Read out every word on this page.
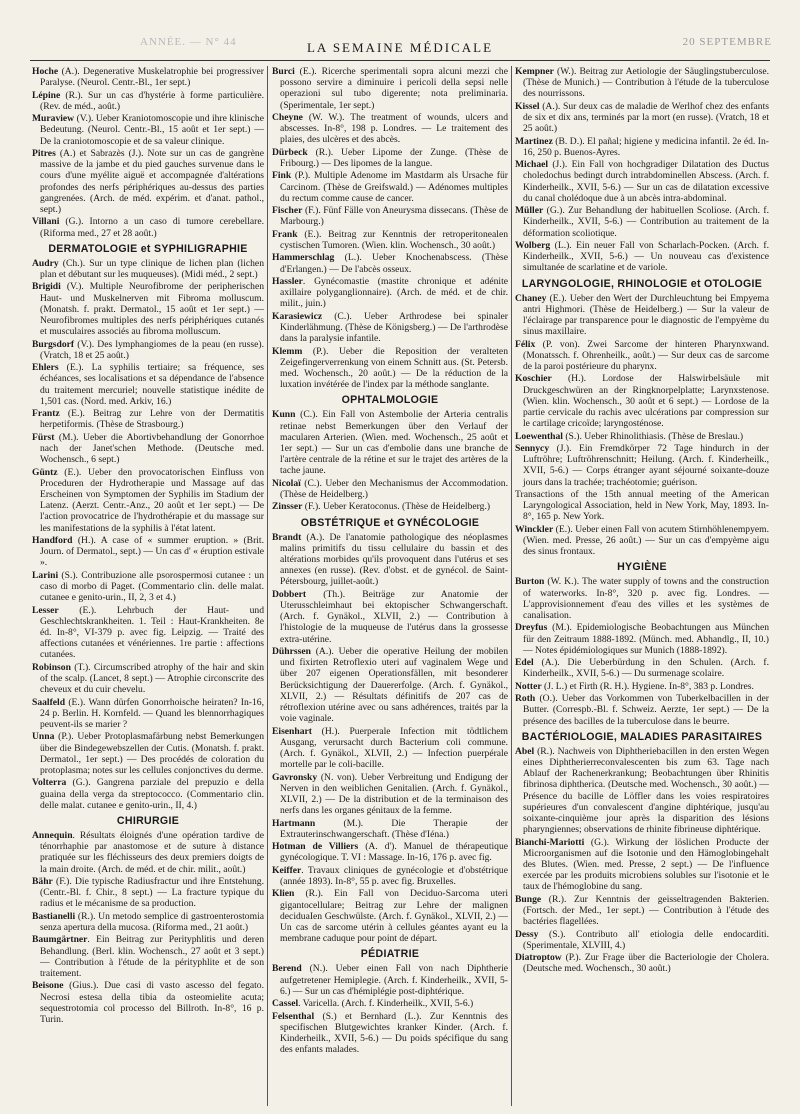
ANNÉE. — N° 44	LA SEMAINE MÉDICALE	20 SEPTEMBRE
Hoche (A.). Degenerative Muskelatrophie bei progressiver Paralyse. (Neurol. Centr.-Bl., 1er sept.)
Lépine (R.). Sur un cas d'hystérie à forme particulière. (Rev. de méd., août.)
Muraview (V.). Ueber Kraniotomoscopie und ihre klinische Bedeutung. (Neurol. Centr.-Bl., 15 août et 1er sept.) — De la craniotomoscopie et de sa valeur clinique.
Pitres (A.) et Sabrazès (J.). Note sur un cas de gangrène massive de la jambe et du pied gauches survenue dans le cours d'une myélite aiguë et accompagnée d'altérations profondes des nerfs périphériques au-dessus des parties gangrenées. (Arch. de méd. expérim. et d'anat. pathol., sept.)
Villani (G.). Intorno a un caso di tumore cerebellare. (Riforma med., 27 et 28 août.)
DERMATOLOGIE et SYPHILIGRAPHIE
Audry (Ch.). Sur un type clinique de lichen plan (lichen plan et débutant sur les muqueuses). (Midi méd., 2 sept.)
Brigidi (V.). Multiple Neurofibrome der peripherischen Haut- und Muskelnerven mit Fibroma molluscum. (Monatsh. f. prakt. Dermatol., 15 août et 1er sept.) — Neurofibromes multiples des nerfs périphériques cutanés et musculaires associés au fibroma molluscum.
Burgsdorf (V.). Des lymphangiomes de la peau (en russe). (Vratch, 18 et 25 août.)
Ehlers (E.). La syphilis tertiaire; sa fréquence, ses échéances, ses localisations et sa dépendance de l'absence du traitement mercuriel; nouvelle statistique inédite de 1,501 cas. (Nord. med. Arkiv, 16.)
Frantz (E.). Beitrag zur Lehre von der Dermatitis herpetiformis. (Thèse de Strasbourg.)
Fürst (M.). Ueber die Abortivbehandlung der Gonorrhoe nach der Janet'schen Methode. (Deutsche med. Wochensch., 6 sept.)
Güntz (E.). Ueber den provocatorischen Einfluss von Proceduren der Hydrotherapie und Massage auf das Erscheinen von Symptomen der Syphilis im Stadium der Latenz. (Aerzt. Centr.-Anz., 20 août et 1er sept.) — De l'action provocatrice de l'hydrothérapie et du massage sur les manifestations de la syphilis à l'état latent.
Handford (H.). A case of « summer eruption. » (Brit. Journ. of Dermatol., sept.) — Un cas d' « éruption estivale ».
Larini (S.). Contribuzione alle psorospermosi cutanee : un caso di morbo di Paget. (Commentario clin. delle malat. cutanee e genito-urin., II, 2, 3 et 4.)
Lesser (E.). Lehrbuch der Haut- und Geschlechtskrankheiten. 1. Teil : Haut-Krankheiten. 8e éd. In-8°, VI-379 p. avec fig. Leipzig. — Traité des affections cutanées et vénériennes. 1re partie : affections cutanées.
Robinson (T.). Circumscribed atrophy of the hair and skin of the scalp. (Lancet, 8 sept.) — Atrophie circonscrite des cheveux et du cuir chevelu.
Saalfeld (E.). Wann dürfen Gonorrhoische heiraten? In-16, 24 p. Berlin. H. Kornfeld. — Quand les blennorrhagiques peuvent-ils se marier ?
Unna (P.). Ueber Protoplasmafärbung nebst Bemerkungen über die Bindegewebszellen der Cutis. (Monatsh. f. prakt. Dermatol., 1er sept.) — Des procédés de coloration du protoplasma; notes sur les cellules conjonctives du derme.
Volterra (G.). Gangrena parziale del prepuzio e della guaina della verga da streptococco. (Commentario clin. delle malat. cutanee e genito-urin., II, 4.)
CHIRURGIE
Annequin. Résultats éloignés d'une opération tardive de ténorrhaphie par anastomose et de suture à distance pratiquée sur les fléchisseurs des deux premiers doigts de la main droite. (Arch. de méd. et de chir. milit., août.)
Bähr (F.). Die typische Radiusfractur und ihre Entstehung. (Centr.-Bl. f. Chir., 8 sept.) — La fracture typique du radius et le mécanisme de sa production.
Bastianelli (R.). Un metodo semplice di gastroenterostomia senza apertura della mucosa. (Riforma med., 21 août.)
Baumgärtner. Ein Beitrag zur Perityphlitis und deren Behandlung. (Berl. klin. Wochensch., 27 août et 3 sept.) — Contribution à l'étude de la pérityphlite et de son traitement.
Beisone (Gius.). Due casi di vasto ascesso del fegato. Necrosi estesa della tibia da osteomielite acuta; sequestrotomia col processo del Billroth. In-8°, 16 p. Turin.
Burci (E.). Ricerche sperimentali sopra alcuni mezzi che possono servire a diminuire i pericoli della sepsi nelle operazioni sul tubo digerente; nota preliminaria. (Sperimentale, 1er sept.)
Cheyne (W. W.). The treatment of wounds, ulcers and abscesses. In-8°, 198 p. Londres. — Le traitement des plaies, des ulcères et des abcès.
Dürbeck (R.). Ueber Lipome der Zunge. (Thèse de Fribourg.) — Des lipomes de la langue.
Fink (P.). Multiple Adenome im Mastdarm als Ursache für Carcinom. (Thèse de Greifswald.) — Adénomes multiples du rectum comme cause de cancer.
Fischer (F.). Fünf Fälle von Aneurysma dissecans. (Thèse de Marbourg.)
Frank (E.). Beitrag zur Kenntnis der retroperitonealen cystischen Tumoren. (Wien. klin. Wochensch., 30 août.)
Hammerschlag (L.). Ueber Knochenabscess. (Thèse d'Erlangen.) — De l'abcès osseux.
Hassler. Gynécomastie (mastite chronique et adénite axillaire polyganglionnaire). (Arch. de méd. et de chir. milit., juin.)
Karasiewicz (C.). Ueber Arthrodese bei spinaler Kinderlähmung. (Thèse de Königsberg.) — De l'arthrodèse dans la paralysie infantile.
Klemm (P.). Ueber die Reposition der veralteten Zeigefingerverrenkung von einem Schnitt aus. (St. Petersb. med. Wochensch., 20 août.) — De la réduction de la luxation invétérée de l'index par la méthode sanglante.
OPHTALMOLOGIE
Kunn (C.). Ein Fall von Astembolie der Arteria centralis retinae nebst Bemerkungen über den Verlauf der macularen Arterien. (Wien. med. Wochensch., 25 août et 1er sept.) — Sur un cas d'embolie dans une branche de l'artère centrale de la rétine et sur le trajet des artères de la tache jaune.
Nicolaï (C.). Ueber den Mechanismus der Accommodation. (Thèse de Heidelberg.)
Zinsser (F.). Ueber Keratoconus. (Thèse de Heidelberg.)
OBSTÉTRIQUE et GYNÉCOLOGIE
Brandt (A.). De l'anatomie pathologique des néoplasmes malins primitifs du tissu cellulaire du bassin et des altérations morbides qu'ils provoquent dans l'utérus et ses annexes (en russe). (Rev. d'obst. et de gynécol. de Saint-Pétersbourg, juillet-août.)
Dobbert (Th.). Beiträge zur Anatomie der Uterusschleimhaut bei ektopischer Schwangerschaft. (Arch. f. Gynäkol., XLVII, 2.) — Contribution à l'histologie de la muqueuse de l'utérus dans la grossesse extra-utérine.
Dührssen (A.). Ueber die operative Heilung der mobilen und fixirten Retroflexio uteri auf vaginalem Wege und über 207 eigenen Operationsfällen, mit besonderer Berücksichtigung der Dauererfolge. (Arch. f. Gynäkol., XLVII, 2.) — Résultats définitifs de 207 cas de rétroflexion utérine avec ou sans adhérences, traités par la voie vaginale.
Eisenhart (H.). Puerperale Infection mit tödtlichem Ausgang, verursacht durch Bacterium coli commune. (Arch. f. Gynäkol., XLVII, 2.) — Infection puerpérale mortelle par le coli-bacille.
Gavronsky (N. von). Ueber Verbreitung und Endigung der Nerven in den weiblichen Genitalien. (Arch. f. Gynäkol., XLVII, 2.) — De la distribution et de la terminaison des nerfs dans les organes génitaux de la femme.
Hartmann (M.). Die Therapie der Extrauterinschwangerschaft. (Thèse d'Iéna.)
Hotman de Villiers (A. d'). Manuel de thérapeutique gynécologique. T. VI : Massage. In-16, 176 p. avec fig.
Keiffer. Travaux cliniques de gynécologie et d'obstétrique (année 1893). In-8°, 55 p. avec fig. Bruxelles.
Klien (R.). Ein Fall von Deciduo-Sarcoma uteri gigantocellulare; Beitrag zur Lehre der malignen deciduaIen Geschwülste. (Arch. f. Gynäkol., XLVII, 2.) — Un cas de sarcome utérin à cellules géantes ayant eu la membrane caduque pour point de départ.
PÉDIATRIE
Berend (N.). Ueber einen Fall von nach Diphtherie aufgetretener Hemiplegie. (Arch. f. Kinderheilk., XVII, 5-6.) — Sur un cas d'hémiplégie post-diphtérique.
Cassel. Varicella. (Arch. f. Kinderheilk., XVII, 5-6.)
Felsenthal (S.) et Bernhard (L.). Zur Kenntnis des specifischen Blutgewichtes kranker Kinder. (Arch. f. Kinderheilk., XVII, 5-6.) — Du poids spécifique du sang des enfants malades.
Kempner (W.). Beitrag zur Aetiologie der Säuglingstuberculose. (Thèse de Munich.) — Contribution à l'étude de la tuberculose des nourrissons.
Kissel (A.). Sur deux cas de maladie de Werlhof chez des enfants de six et dix ans, terminés par la mort (en russe). (Vratch, 18 et 25 août.)
Martinez (B. D.). El pañal; higiene y medicina infantil. 2e éd. In-16, 250 p. Buenos-Ayres.
Michael (J.). Ein Fall von hochgradiger Dilatation des Ductus choledochus bedingt durch intrabdominellen Abscess. (Arch. f. Kinderheilk., XVII, 5-6.) — Sur un cas de dilatation excessive du canal cholédoque due à un abcès intra-abdominal.
Müller (G.). Zur Behandlung der habituellen Scoliose. (Arch. f. Kinderheilk., XVII, 5-6.) — Contribution au traitement de la déformation scoliotique.
Wolberg (L.). Ein neuer Fall von Scharlach-Pocken. (Arch. f. Kinderheilk., XVII, 5-6.) — Un nouveau cas d'existence simultanée de scarlatine et de variole.
LARYNGOLOGIE, RHINOLOGIE et OTOLOGIE
Chaney (E.). Ueber den Wert der Durchleuchtung bei Empyema antri Highmori. (Thèse de Heidelberg.) — Sur la valeur de l'éclairage par transparence pour le diagnostic de l'empyème du sinus maxillaire.
Félix (P. von). Zwei Sarcome der hinteren Pharynxwand. (Monatssch. f. Ohrenheilk., août.) — Sur deux cas de sarcome de la paroi postérieure du pharynx.
Koschier (H.). Lordose der Halswirbelsäule mit Druckgeschwüren an der Ringknorpelplatte; Larynxstenose. (Wien. klin. Wochensch., 30 août et 6 sept.) — Lordose de la partie cervicale du rachis avec ulcérations par compression sur le cartilage cricoïde; laryngosténose.
Loewenthal (S.). Ueber Rhinolithiasis. (Thèse de Breslau.)
Sennycy (J.). Ein Fremdkörper 72 Tage hindurch in der Luftröhre; Luftröhrenschnitt; Heilung. (Arch. f. Kinderheilk., XVII, 5-6.) — Corps étranger ayant séjourné soixante-douze jours dans la trachée; trachéotomie; guérison.
Transactions of the 15th annual meeting of the American Laryngological Association, held in New York, May, 1893. In-8°, 165 p. New York.
Winckler (E.). Ueber einen Fall von acutem Stirnhöhlenempyem. (Wien. med. Presse, 26 août.) — Sur un cas d'empyème aigu des sinus frontaux.
HYGIÈNE
Burton (W. K.). The water supply of towns and the construction of waterworks. In-8°, 320 p. avec fig. Londres. — L'approvisionnement d'eau des villes et les systèmes de canalisation.
Dreyfus (M.). Epidemiologische Beobachtungen aus München für den Zeitraum 1888-1892. (Münch. med. Abhandlg., II, 10.) — Notes épidémiologiques sur Munich (1888-1892).
Edel (A.). Die Ueberbürdung in den Schulen. (Arch. f. Kinderheilk., XVII, 5-6.) — Du surmenage scolaire.
Notter (J. L.) et Firth (R. H.). Hygiene. In-8°, 383 p. Londres.
Roth (O.). Ueber das Vorkommen von Tuberkelbacillen in der Butter. (Correspb.-Bl. f. Schweiz. Aerzte, 1er sept.) — De la présence des bacilles de la tuberculose dans le beurre.
BACTÉRIOLOGIE, MALADIES PARASITAIRES
Abel (R.). Nachweis von Diphtheriebacillen in den ersten Wegen eines Diphtherierreconvalescenten bis zum 63. Tage nach Ablauf der Rachenerkrankung; Beobachtungen über Rhinitis fibrinosa diphtherica. (Deutsche med. Wochensch., 30 août.) — Présence du bacille de Löffler dans les voies respiratoires supérieures d'un convalescent d'angine diphtérique, jusqu'au soixante-cinquième jour après la disparition des lésions pharyngiennes; observations de rhinite fibrineuse diphtérique.
Bianchi-Mariotti (G.). Wirkung der löslichen Producte der Microorganismen auf die Isotonie und den Hämoglobingehalt des Blutes. (Wien. med. Presse, 2 sept.) — De l'influence exercée par les produits microbiens solubles sur l'isotonie et le taux de l'hémoglobine du sang.
Bunge (R.). Zur Kenntnis der geisseltragenden Bakterien. (Fortsch. der Med., 1er sept.) — Contribution à l'étude des bactéries flagellées.
Dessy (S.). Contributo all' etiologia delle endocarditi. (Sperimentale, XLVIII, 4.)
Diatroptow (P.). Zur Frage über die Bacteriologie der Cholera. (Deutsche med. Wochensch., 30 août.)
